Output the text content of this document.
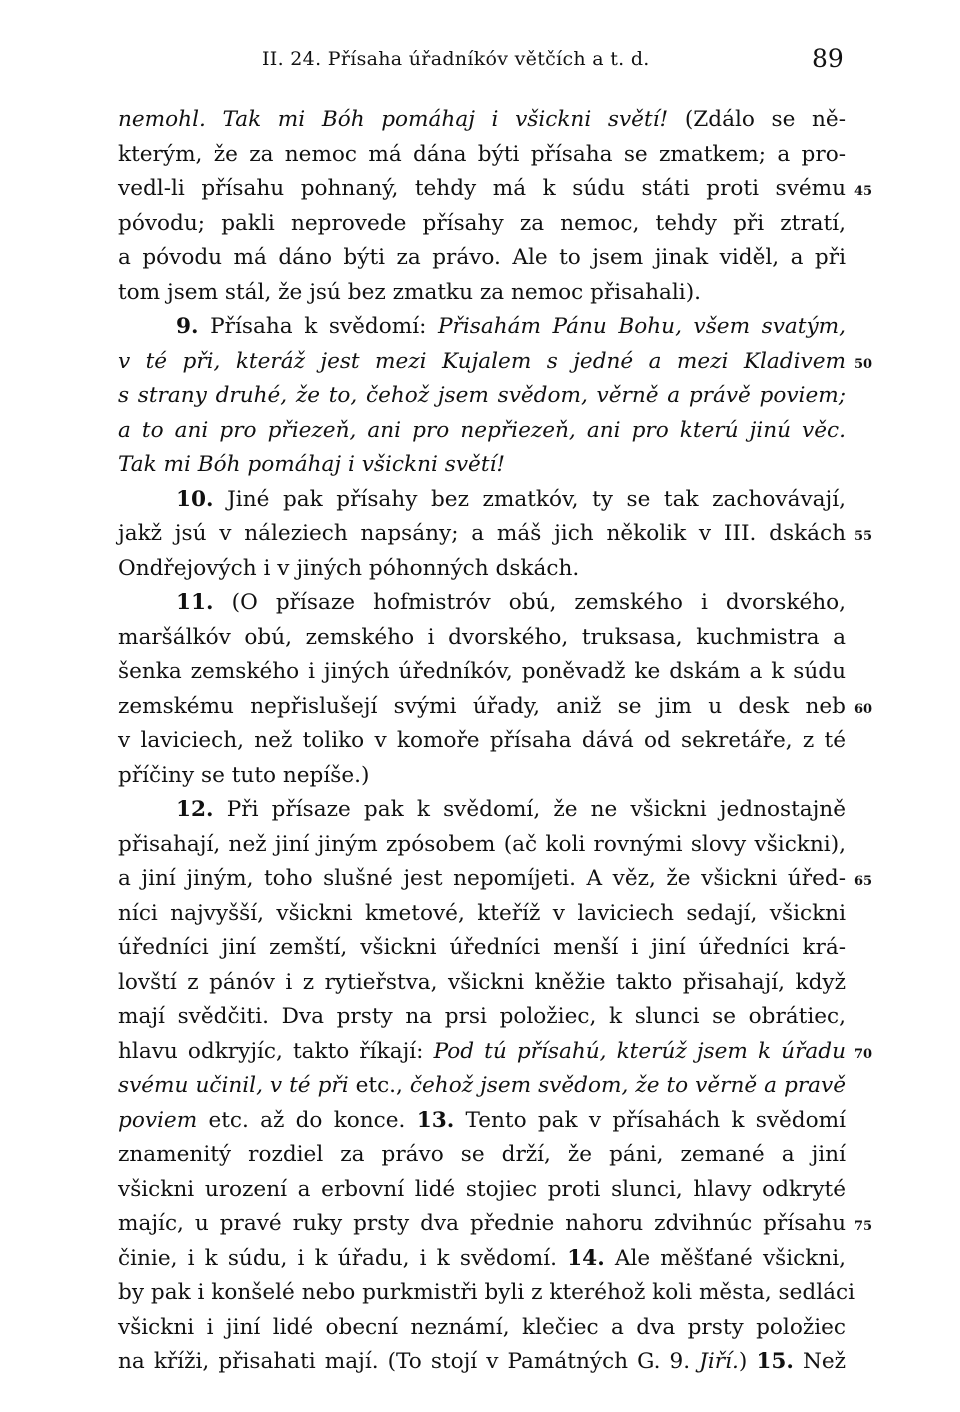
II. 24. Přísaha úřadníkóv větčích a t. d.	89
nemohl. Tak mi Bóh pomáhaj i všickni světí! (Zdálo se ně-
kterým, že za nemoc má dána býti přísaha se zmatkem; a pro-
vedl-li přísahu pohnaný, tehdy má k súdu státi proti svému 45
póvodu; pakli neprovede přísahy za nemoc, tehdy při ztratí,
a póvodu má dáno býti za právo. Ale to jsem jinak viděl, a při
tom jsem stál, že jsú bez zmatku za nemoc přisahali).
9. Přísaha k svědomí: Přisahám Pánu Bohu, všem svatým,
v té při, kteráž jest mezi Kujalem s jedné a mezi Kladivem 50
s strany druhé, že to, čehož jsem svědom, věrně a právě poviem;
a to ani pro přiezeň, ani pro nepřiezeň, ani pro kterú jinú věc.
Tak mi Bóh pomáhaj i všickni světí!
10. Jiné pak přísahy bez zmatkóv, ty se tak zachovávají,
jakž jsú v náleziech napsány; a máš jich několik v III. dskách 55
Ondřejových i v jiných póhonných dskách.
11. (O přísaze hofmistróv obú, zemského i dvorského,
maršálkóv obú, zemského i dvorského, truksasa, kuchmistra a
šenka zemského i jiných úředníkóv, poněvadž ke dskám a k súdu
zemskému nepřislušejí svými úřady, aniž se jim u desk neb 60
v laviciech, než toliko v komoře přísaha dává od sekretáře, z té
příčiny se tuto nepíše.)
12. Při přísaze pak k svědomí, že ne všickni jednostajně
přisahají, než jiní jiným zpósobem (ač koli rovnými slovy všickni),
a jiní jiným, toho slušné jest nepomíjeti. A věz, že všickni úřed- 65
níci najvyšší, všickni kmetové, kteříž v laviciech sedají, všickni
úředníci jiní zemští, všickni úředníci menší i jiní úředníci krá-
lovští z pánóv i z rytieřstva, všickni kněžie takto přisahají, když
mají svědčiti. Dva prsty na prsi položiec, k slunci se obrátiec,
hlavu odkryjíc, takto říkají: Pod tú přísahú, kterúž jsem k úřadu 70
svému učinil, v té při etc., čehož jsem svědom, že to věrně a pravě
poviem etc. až do konce. 13. Tento pak v přísahách k svědomí
znamenitý rozdiel za právo se drží, že páni, zemané a jiní
všickni urození a erbovní lidé stojiec proti slunci, hlavy odkryté
majíc, u pravé ruky prsty dva přednie nahoru zdvihnúc přísahu 75
činie, i k súdu, i k úřadu, i k svědomí. 14. Ale měšťané všickni,
by pak i konšelé nebo purkmistři byli z kteréhož koli města, sedláci
všickni i jiní lidé obecní neznámí, klečiec a dva prsty položiec
na kříži, přisahati mají. (To stojí v Památných G. 9. Jiří.) 15. Než
